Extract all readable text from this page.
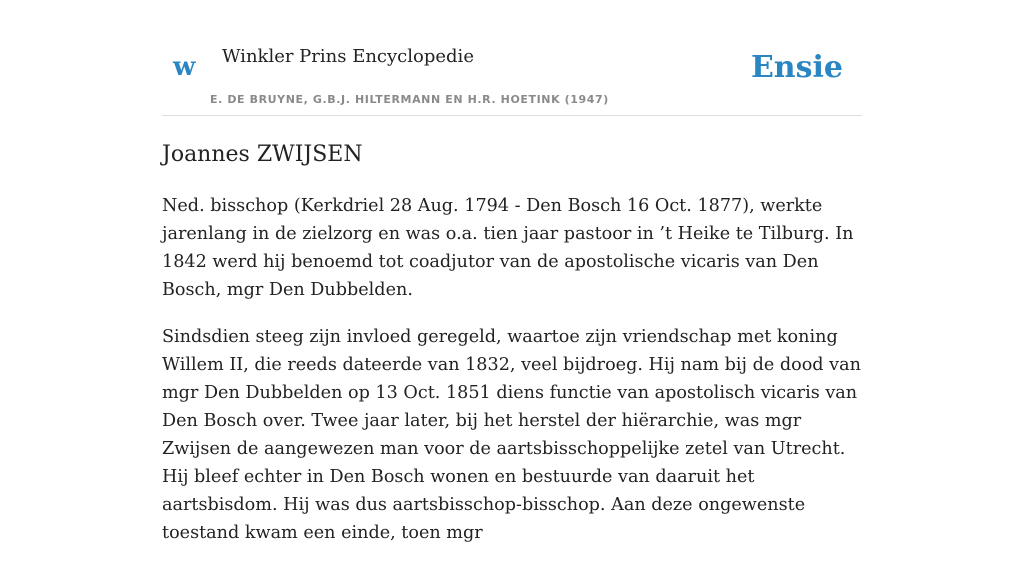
w Winkler Prins Encyclopedie
E. DE BRUYNE, G.B.J. HILTERMANN EN H.R. HOETINK (1947)
Ensie
Joannes ZWIJSEN

Ned. bisschop (Kerkdriel 28 Aug. 1794 - Den Bosch 16 Oct. 1877), werkte jarenlang in de zielzorg en was o.a. tien jaar pastoor in ’t Heike te Tilburg. In 1842 werd hij benoemd tot coadjutor van de apostolische vicaris van Den Bosch, mgr Den Dubbelden.

Sindsdien steeg zijn invloed geregeld, waartoe zijn vriendschap met koning Willem II, die reeds dateerde van 1832, veel bijdroeg. Hij nam bij de dood van mgr Den Dubbelden op 13 Oct. 1851 diens functie van apostolisch vicaris van Den Bosch over. Twee jaar later, bij het herstel der hiërarchie, was mgr Zwijsen de aangewezen man voor de aartsbisschoppelijke zetel van Utrecht. Hij bleef echter in Den Bosch wonen en bestuurde van daaruit het aartsbisdom. Hij was dus aartsbisschop-bisschop. Aan deze ongewenste toestand kwam een einde, toen mgr
